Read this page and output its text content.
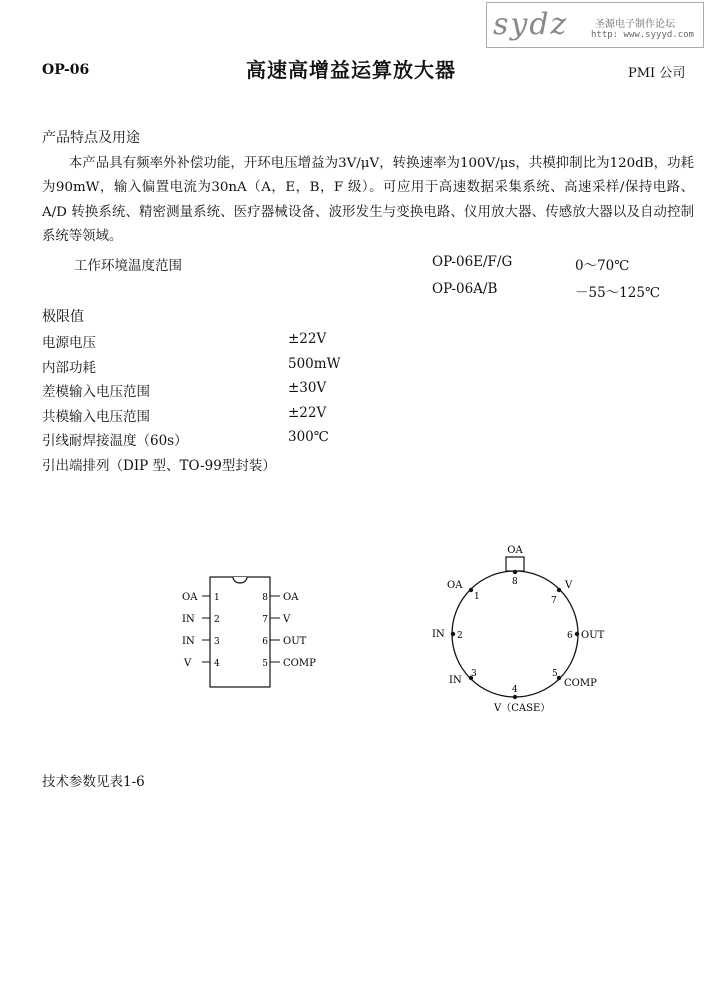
sydz	圣源电子制作论坛
http: www.syyyd.com
OP-06	高速高增益运算放大器	PMI 公司
产品特点及用途
本产品具有频率外补偿功能，开环电压增益为3V/μV，转换速率为100V/μs，共模抑制比为120dB，功耗为90mW，输入偏置电流为30nA（A，E，B，F 级）。可应用于高速数据采集系统、高速采样/保持电路、A/D 转换系统、精密测量系统、医疗器械设备、波形发生与变换电路、仪用放大器、传感放大器以及自动控制系统等领域。
工作环境温度范围	OP-06E/F/G	0～70℃
OP-06A/B	－55～125℃
极限值
电源电压	±22V
内部功耗	500mW
差模输入电压范围	±30V
共模输入电压范围	±22V
引线耐焊接温度（60s）	300℃
引出端排列（DIP 型、TO-99型封装）
OA 1
IN 2
IN 3
V	4
8 OA
7 V
6 OUT
5 COMP
OA
8
1
OA
7
V
2
IN	6 OUT
3
IN
5
COMP
4
V（CASE）
技术参数见表1-6
